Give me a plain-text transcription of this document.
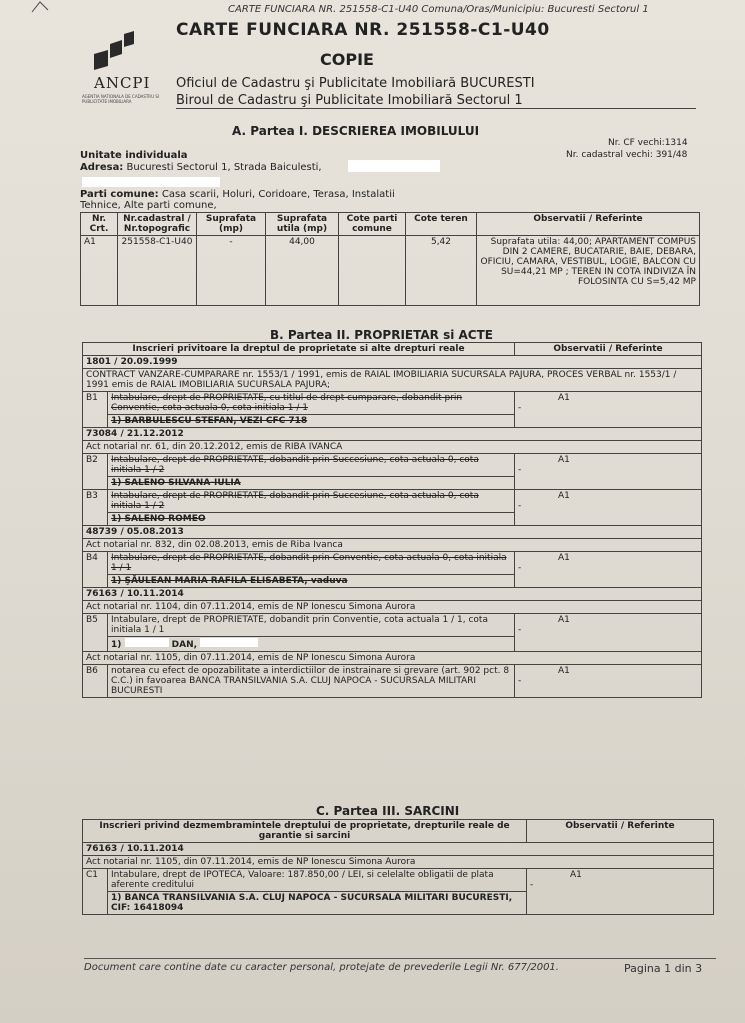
CARTE FUNCIARA NR. 251558-C1-U40 Comuna/Oras/Municipiu: Bucuresti Sectorul 1
ANCPI
AGENTIA NATIONALA DE CADASTRU SI PUBLICITATE IMOBILIARA
CARTE FUNCIARA NR. 251558-C1-U40
COPIE
Oficiul de Cadastru şi Publicitate Imobiliară BUCURESTI
Biroul de Cadastru şi Publicitate Imobiliară Sectorul 1
A. Partea I. DESCRIEREA IMOBILULUI
Nr. CF vechi:1314
Nr. cadastral vechi: 391/48
Unitate individuala
Adresa: Bucuresti Sectorul 1, Strada Baiculesti,
Parti comune: Casa scarii, Holuri, Coridoare, Terasa, Instalatii
Tehnice, Alte parti comune,
Nr. Crt.	Nr.cadastral / Nr.topografic	Suprafata (mp)	Suprafata utila (mp)	Cote parti comune	Cote teren	Observatii / Referinte
A1	251558-C1-U40	-	44,00		5,42	Suprafata utila: 44,00; APARTAMENT COMPUS DIN 2 CAMERE, BUCATARIE, BAIE, DEBARA, OFICIU, CAMARA, VESTIBUL, LOGIE, BALCON CU SU=44,21 MP ; TEREN IN COTA INDIVIZA ÎN FOLOSINTA CU S=5,42 MP
B. Partea II. PROPRIETAR si ACTE
Inscrieri privitoare la dreptul de proprietate si alte drepturi reale		Observatii / Referinte
1801 / 20.09.1999		
CONTRACT VANZARE-CUMPARARE nr. 1553/1 / 1991, emis de RAIAL IMOBILIARIA SUCURSALA PAJURA, PROCES VERBAL nr. 1553/1 / 1991 emis de RAIAL IMOBILIARIA SUCURSALA PAJURA;		
B1	Intabulare, drept de PROPRIETATE, cu titlul de drept cumparare, dobandit prin Conventie, cota actuala 0, cota initiala 1 / 1	A1
-
	1) BARBULESCU STEFAN, VEZI CFC 718	
73084 / 21.12.2012		
Act notarial nr. 61, din 20.12.2012, emis de RIBA IVANCA		
B2	Intabulare, drept de PROPRIETATE, dobandit prin Succesiune, cota actuala 0, cota initiala 1 / 2	A1
-
	1) SALENO SILVANA-IULIA	
B3	Intabulare, drept de PROPRIETATE, dobandit prin Succesiune, cota actuala 0, cota initiala 1 / 2	A1
-
	1) SALENO ROMEO	
48739 / 05.08.2013		
Act notarial nr. 832, din 02.08.2013, emis de Riba Ivanca		
B4	Intabulare, drept de PROPRIETATE, dobandit prin Conventie, cota actuala 0, cota initiala 1 / 1	A1
-
	1) ŞĂULEAN MARIA RAFILA ELISABETA, vaduva	
76163 / 10.11.2014		
Act notarial nr. 1104, din 07.11.2014, emis de NP Ionescu Simona Aurora		
B5	Intabulare, drept de PROPRIETATE, dobandit prin Conventie, cota actuala 1 / 1, cota initiala 1 / 1	A1
-
	1) DAN,	
Act notarial nr. 1105, din 07.11.2014, emis de NP Ionescu Simona Aurora		
B6	notarea cu efect de opozabilitate a interdictiilor de instrainare si grevare (art. 902 pct. 8 C.C.) in favoarea BANCA TRANSILVANIA S.A. CLUJ NAPOCA - SUCURSALA MILITARI BUCURESTI	A1
-
C. Partea III. SARCINI
Inscrieri privind dezmembramintele dreptului de proprietate, drepturile reale de garantie si sarcini		Observatii / Referinte
76163 / 10.11.2014		
Act notarial nr. 1105, din 07.11.2014, emis de NP Ionescu Simona Aurora		
C1	Intabulare, drept de IPOTECA, Valoare: 187.850,00 / LEI, si celelalte obligatii de plata aferente creditului	A1
-
	1) BANCA TRANSILVANIA S.A. CLUJ NAPOCA - SUCURSALA MILITARI BUCURESTI, CIF: 16418094	
Document care contine date cu caracter personal, protejate de prevederile Legii Nr. 677/2001.	Pagina 1 din 3
